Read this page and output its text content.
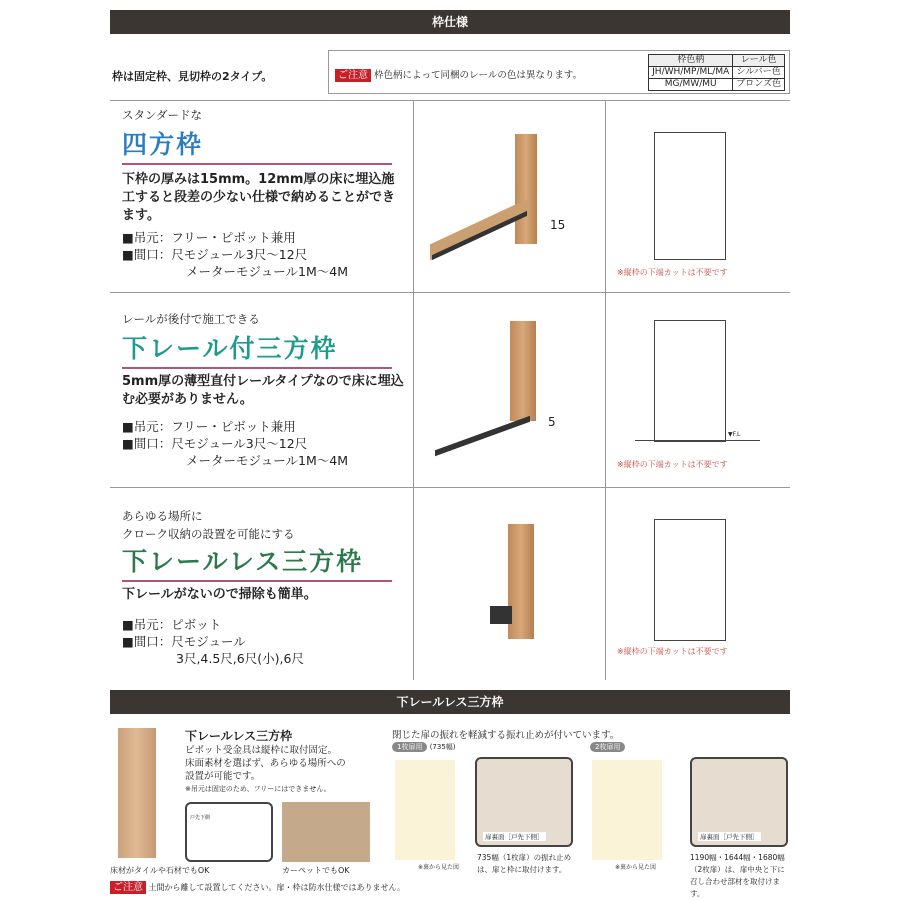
枠仕様
枠は固定枠、見切枠の2タイプ。	ご注意 枠色柄によって同梱のレールの色は異なります。
枠色柄	レール色
JH/WH/MP/ML/MA	シルバー色
MG/MW/MU	ブロンズ色
スタンダードな
四方枠
下枠の厚みは15mm。12mm厚の床に埋込施工すると段差の少ない仕様で納めることができます。
■吊元：フリー・ピボット兼用
■間口：尺モジュール3尺〜12尺
メーターモジュール1M〜4M
15
※縦枠の下端カットは不要です
レールが後付で施工できる
下レール付三方枠
5mm厚の薄型直付レールタイプなので床に埋込む必要がありません。
■吊元：フリー・ピボット兼用
■間口：尺モジュール3尺〜12尺
メーターモジュール1M〜4M
5
▼F.L
※縦枠の下端カットは不要です
あらゆる場所に
クローク収納の設置を可能にする
下レールレス三方枠
下レールがないので掃除も簡単。
■吊元：ピボット
■間口：尺モジュール
3尺,4.5尺,6尺(小),6尺	※縦枠の下端カットは不要です
下レールレス三方枠
下レールレス三方枠
ピボット受金具は縦枠に取付固定。
床面素材を選ばず、あらゆる場所への
設置が可能です。
※吊元は固定のため、フリーにはできません。
戸先下側
床材がタイルや石材でもOK	カーペットでもOK
ご注意 土間から離して設置してください。扉・枠は防水仕様ではありません。
閉じた扉の振れを軽減する振れ止めが付いています。
1枚扉用 (735幅)
※裏から見た図
扉裏面［戸先下側］
735幅（1枚扉）の振れ止めは、扉と枠に取付けます。
2枚扉用
※裏から見た図
扉裏面［戸先下側］
1190幅・1644幅・1680幅（2枚扉）は、扉中央と下に召し合わせ部材を取付けます。
